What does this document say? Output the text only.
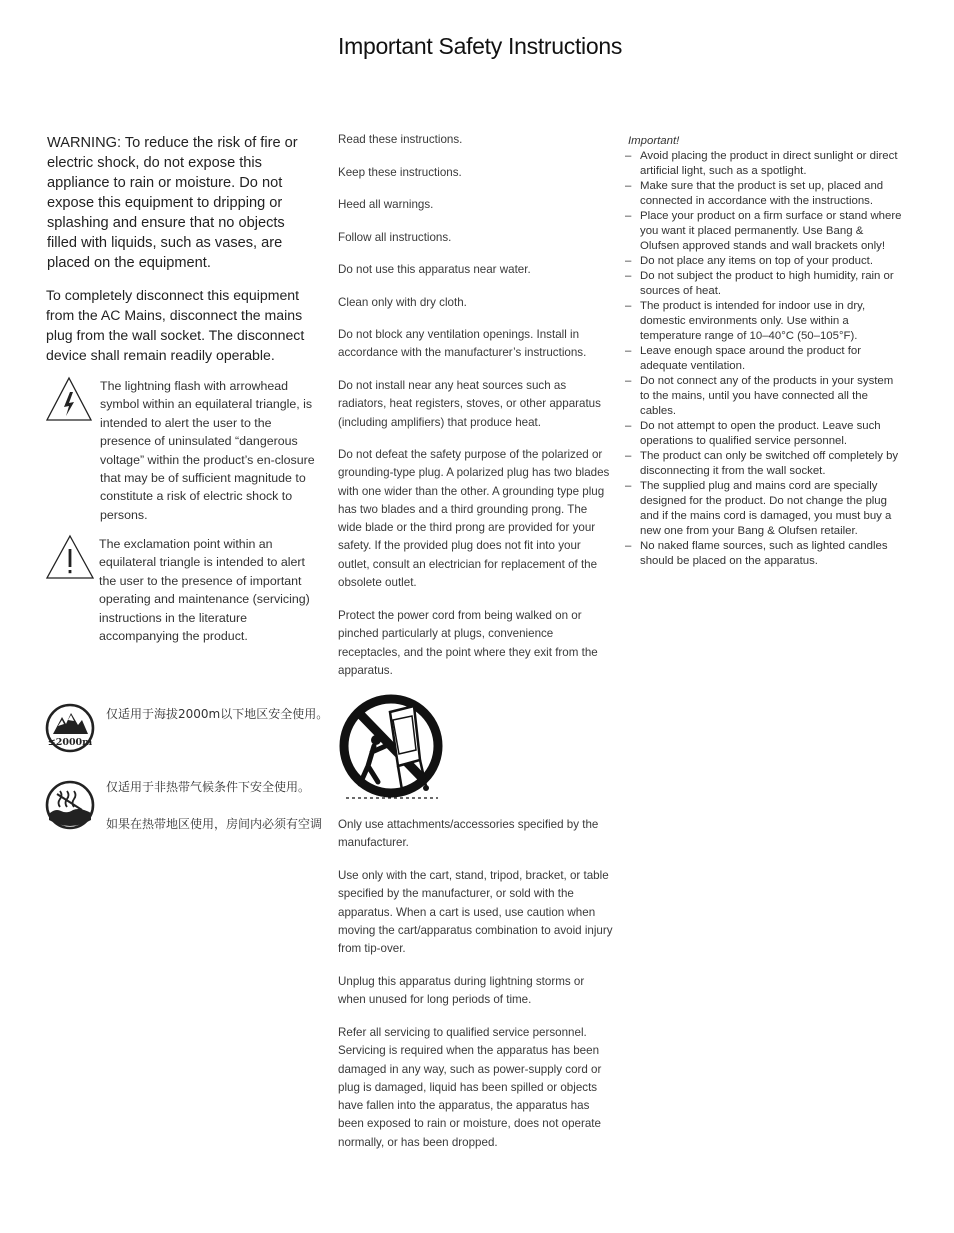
Important Safety Instructions
WARNING: To reduce the risk of fire or electric shock, do not expose this appliance to rain or moisture. Do not expose this equipment to dripping or splashing and ensure that no objects filled with liquids, such as vases, are placed on the equipment.
To completely disconnect this equipment from the AC Mains, disconnect the mains plug from the wall socket. The disconnect device shall remain readily operable.
The lightning flash with arrowhead symbol within an equilateral triangle, is intended to alert the user to the presence of uninsulated “dangerous voltage” within the product’s en-closure that may be of sufficient magnitude to constitute a risk of electric shock to persons.
The exclamation point within an equilateral triangle is intended to alert the user to the presence of important operating and maintenance (servicing) instructions in the literature accompanying the product.
≤2000m
仅适用于海拔2000m以下地区安全使用。
仅适用于非热带气候条件下安全使用。
如果在热带地区使用，房间内必须有空调

Read these instructions.

Keep these instructions.

Heed all warnings.

Follow all instructions.

Do not use this apparatus near water.

Clean only with dry cloth.

Do not block any ventilation openings. Install in accordance with the manufacturer’s instructions.

Do not install near any heat sources such as radiators, heat registers, stoves, or other apparatus (including amplifiers) that produce heat.

Do not defeat the safety purpose of the polarized or grounding-type plug. A polarized plug has two blades with one wider than the other. A grounding type plug has two blades and a third grounding prong. The wide blade or the third prong are provided for your safety. If the provided plug does not fit into your outlet, consult an electrician for replacement of the obsolete outlet.

Protect the power cord from being walked on or pinched particularly at plugs, convenience receptacles, and the point where they exit from the apparatus.

Only use attachments/accessories specified by the manufacturer.

Use only with the cart, stand, tripod, bracket, or table specified by the manufacturer, or sold with the apparatus. When a cart is used, use caution when moving the cart/apparatus combination to avoid injury from tip-over.

Unplug this apparatus during lightning storms or when unused for long periods of time.

Refer all servicing to qualified service personnel. Servicing is required when the apparatus has been damaged in any way, such as power-supply cord or plug is damaged, liquid has been spilled or objects have fallen into the apparatus, the apparatus has been exposed to rain or moisture, does not operate normally, or has been dropped.

Important!
– Avoid placing the product in direct sunlight or direct artificial light, such as a spotlight.
– Make sure that the product is set up, placed and connected in accordance with the instructions.
– Place your product on a firm surface or stand where you want it placed permanently. Use Bang & Olufsen approved stands and wall brackets only!
– Do not place any items on top of your product.
– Do not subject the product to high humidity, rain or sources of heat.
– The product is intended for indoor use in dry, domestic environments only. Use within a temperature range of 10–40°C (50–105°F).
– Leave enough space around the product for adequate ventilation.
– Do not connect any of the products in your system to the mains, until you have connected all the cables.
– Do not attempt to open the product. Leave such operations to qualified service personnel.
– The product can only be switched off completely by disconnecting it from the wall socket.
– The supplied plug and mains cord are specially designed for the product. Do not change the plug and if the mains cord is damaged, you must buy a new one from your Bang & Olufsen retailer.
– No naked flame sources, such as lighted candles should be placed on the apparatus.
